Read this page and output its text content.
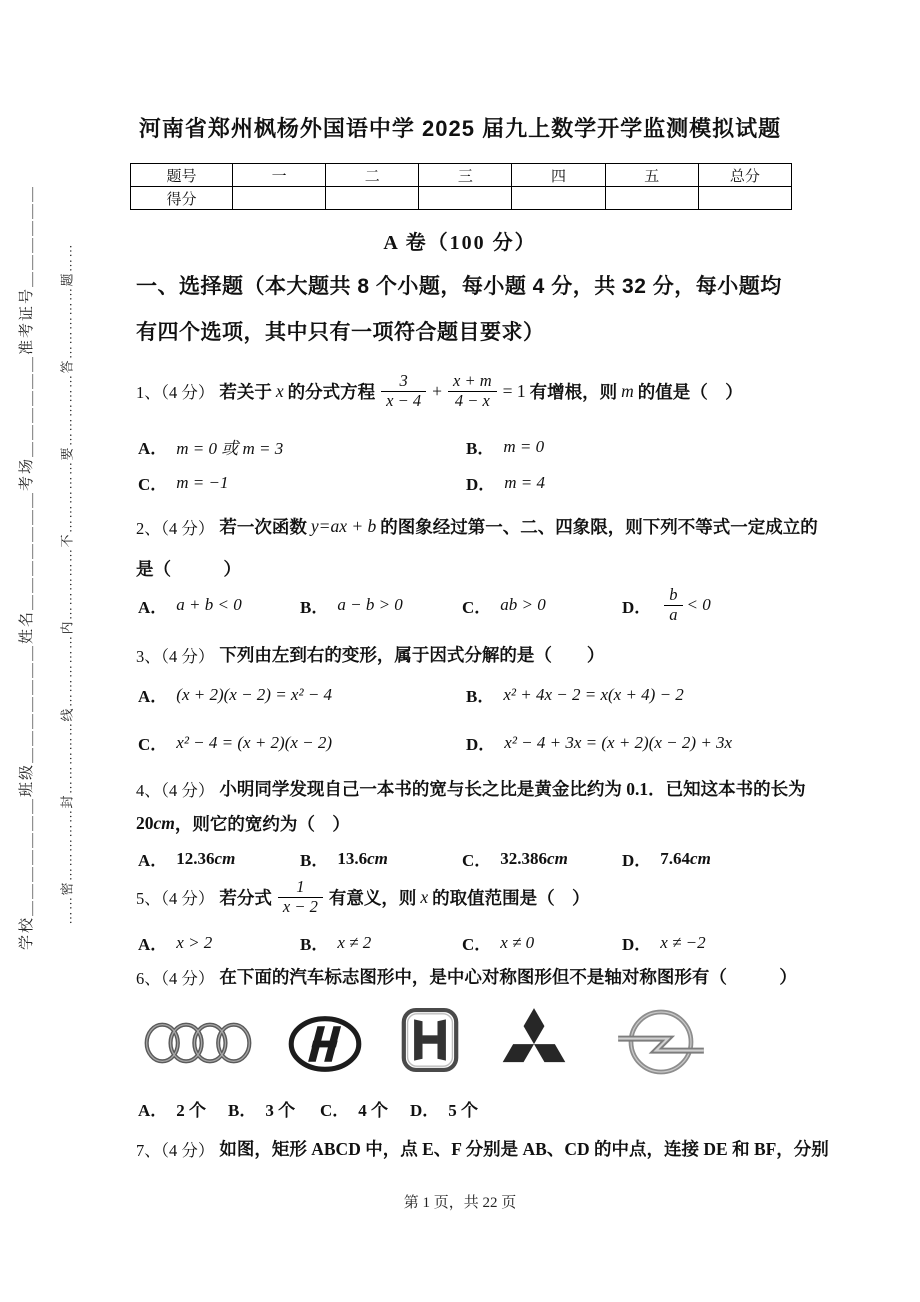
学校＿＿＿＿＿＿＿班级＿＿＿＿＿＿＿姓名＿＿＿＿＿＿＿考场＿＿＿＿＿＿准考证号＿＿＿＿＿＿	……密……………封……………线……………内……………不……………要……………答……………题……
河南省郑州枫杨外国语中学 2025 届九上数学开学监测模拟试题
题号	一	二	三	四	五	总分
得分						
A 卷（100 分）
一、选择题（本大题共 8 个小题，每小题 4 分，共 32 分，每小题均
有四个选项，其中只有一项符合题目要求）
1、（4 分） 若关于 x 的分式方程 $\frac{3}{x - 4} + \frac{x + m}{4 - x} = 1$ 有增根，则 m 的值是（　）
A． m = 0 或 m = 3	B． m = 0
C． m = −1	D． m = 4
2、（4 分） 若一次函数 y=ax + b 的图象经过第一、二、四象限，则下列不等式一定成立的
是（　　　）
A． a + b < 0	B． a − b > 0	C． ab > 0	D． $\frac{b}{a} < 0$
3、（4 分） 下列由左到右的变形，属于因式分解的是（　　）
A． (x + 2)(x − 2) = x² − 4	B． x² + 4x − 2 = x(x + 4) − 2
C． x² − 4 = (x + 2)(x − 2)	D． x² − 4 + 3x = (x + 2)(x − 2) + 3x
4、（4 分） 小明同学发现自己一本书的宽与长之比是黄金比约为 0.1．已知这本书的长为
20 cm ，则它的宽约为（　）
A． 12.36cm	B． 13.6cm	C． 32.386cm	D． 7.64cm
5、（4 分） 若分式 $\frac{1}{x - 2}$ 有意义，则 x 的取值范围是（　）
A． x > 2	B． x ≠ 2	C． x ≠ 0	D． x ≠ −2
6、（4 分） 在下面的汽车标志图形中，是中心对称图形但不是轴对称图形有（　　　）
A． 2 个 B． 3 个 C． 4 个 D． 5 个
7、（4 分） 如图，矩形 ABCD 中，点 E、F 分别是 AB、CD 的中点，连接 DE 和 BF，分别
第 1 页，共 22 页
